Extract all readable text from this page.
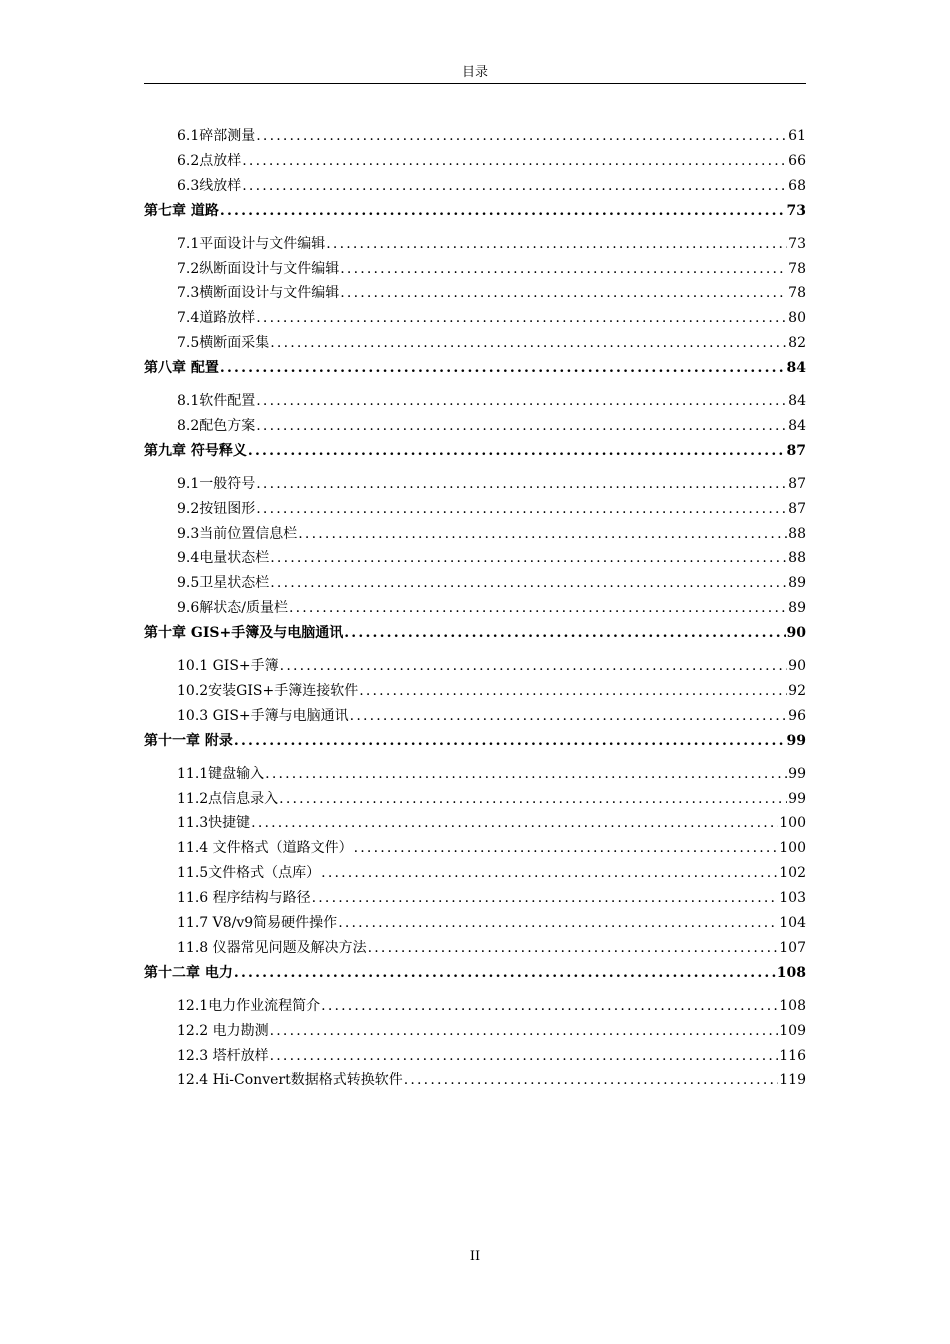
目录
6.1碎部测量 .....	61
6.2点放样 .....	66
6.3线放样 .....	68
第七章 道路 .....	73
7.1平面设计与文件编辑 .....	73
7.2纵断面设计与文件编辑 .....	78
7.3横断面设计与文件编辑 .....	78
7.4道路放样 .....	80
7.5横断面采集 .....	82
第八章 配置 .....	84
8.1软件配置 .....	84
8.2配色方案 .....	84
第九章 符号释义 .....	87
9.1一般符号 .....	87
9.2按钮图形 .....	87
9.3当前位置信息栏 .....	88
9.4电量状态栏 .....	88
9.5卫星状态栏 .....	89
9.6解状态/质量栏 .....	89
第十章 GIS+手簿及与电脑通讯 .....	90
10.1 GIS+手簿 .....	90
10.2安装GIS+手簿连接软件 .....	92
10.3 GIS+手簿与电脑通讯 .....	96
第十一章 附录 .....	99
11.1键盘输入 .....	99
11.2点信息录入 .....	99
11.3快捷键 .....	100
11.4 文件格式（道路文件） .....	100
11.5文件格式（点库） .....	102
11.6 程序结构与路径 .....	103
11.7 V8/v9简易硬件操作 .....	104
11.8 仪器常见问题及解决方法 .....	107
第十二章 电力 .....	108
12.1电力作业流程简介 .....	108
12.2 电力勘测 .....	109
12.3 塔杆放样 .....	116
12.4 Hi-Convert数据格式转换软件 .....	119
II
